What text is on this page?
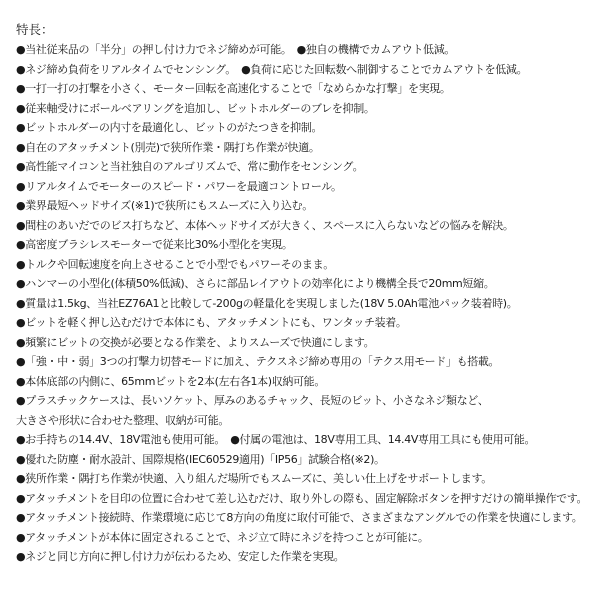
特長：
●当社従来品の「半分」の押し付け力でネジ締めが可能。　●独自の機構でカムアウト低減。
●ネジ締め負荷をリアルタイムでセンシング。　●負荷に応じた回転数へ制御することでカムアウトを低減。
●一打一打の打撃を小さく、モーター回転を高速化することで「なめらかな打撃」を実現。
●従来軸受けにボールベアリングを追加し、ビットホルダーのブレを抑制。
●ビットホルダーの内寸を最適化し、ビットのがたつきを抑制。
●自在のアタッチメント(別売)で狭所作業・隅打ち作業が快適。
●高性能マイコンと当社独自のアルゴリズムで、常に動作をセンシング。
●リアルタイムでモーターのスピード・パワーを最適コントロール。
●業界最短ヘッドサイズ(※1)で狭所にもスムーズに入り込む。
●間柱のあいだでのビス打ちなど、本体ヘッドサイズが大きく、スペースに入らないなどの悩みを解決。
●高密度ブラシレスモーターで従来比30%小型化を実現。
●トルクや回転速度を向上させることで小型でもパワーそのまま。
●ハンマーの小型化(体積50%低減)、さらに部品レイアウトの効率化により機構全長で20mm短縮。
●質量は1.5kg、当社EZ76A1と比較して-200gの軽量化を実現しました(18V 5.0Ah電池パック装着時)。
●ビットを軽く押し込むだけで本体にも、アタッチメントにも、ワンタッチ装着。
●頻繁にビットの交換が必要となる作業を、よりスムーズで快適にします。
●「強・中・弱」3つの打撃力切替モードに加え、テクスネジ締め専用の「テクス用モード」も搭載。
●本体底部の内側に、65mmビットを2本(左右各1本)収納可能。
●プラスチックケースは、長いソケット、厚みのあるチャック、長短のビット、小さなネジ類など、
大きさや形状に合わせた整理、収納が可能。
●お手持ちの14.4V、18V電池も使用可能。　●付属の電池は、18V専用工具、14.4V専用工具にも使用可能。
●優れた防塵・耐水設計、国際規格(IEC60529適用)「IP56」試験合格(※2)。
●狭所作業・隅打ち作業が快適、入り組んだ場所でもスムーズに、美しい仕上げをサポートします。
●アタッチメントを目印の位置に合わせて差し込むだけ、取り外しの際も、固定解除ボタンを押すだけの簡単操作です。
●アタッチメント接続時、作業環境に応じて8方向の角度に取付可能で、さまざまなアングルでの作業を快適にします。
●アタッチメントが本体に固定されることで、ネジ立て時にネジを持つことが可能に。
●ネジと同じ方向に押し付け力が伝わるため、安定した作業を実現。
